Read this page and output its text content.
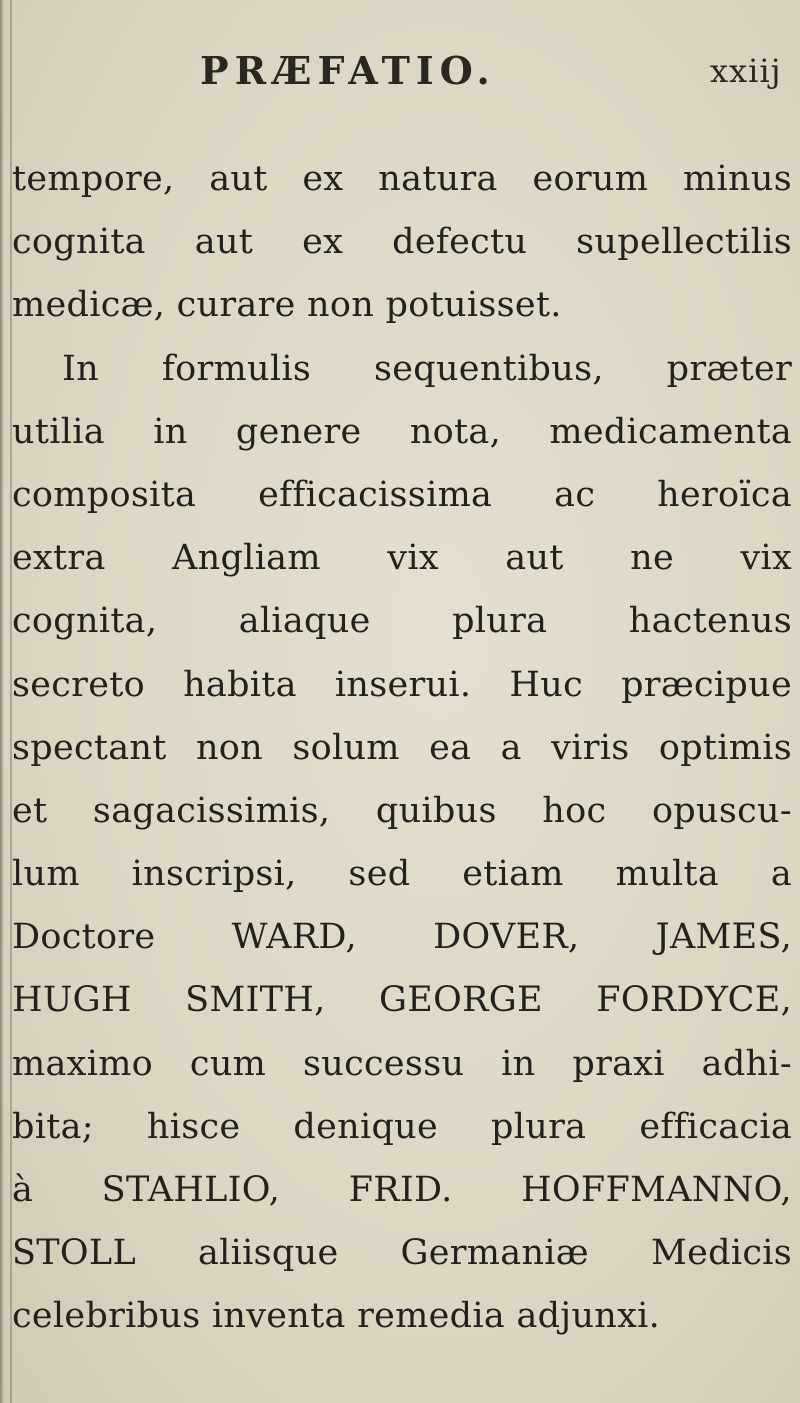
PRÆFATIO.	xxiij
tempore, aut ex natura eorum minus
cognita aut ex defectu supellectilis
medicæ, curare non potuisset.
In formulis sequentibus, præter
utilia in genere nota, medicamenta
composita efficacissima ac heroïca
extra Angliam vix aut ne vix
cognita, aliaque plura hactenus
secreto habita inserui. Huc præcipue
spectant non solum ea a viris optimis
et sagacissimis, quibus hoc opuscu-
lum inscripsi, sed etiam multa a
Doctore WARD, DOVER, JAMES,
HUGH SMITH, GEORGE FORDYCE,
maximo cum successu in praxi adhi-
bita; hisce denique plura efficacia
à STAHLIO, FRID. HOFFMANNO,
STOLL aliisque Germaniæ Medicis
celebribus inventa remedia adjunxi.
